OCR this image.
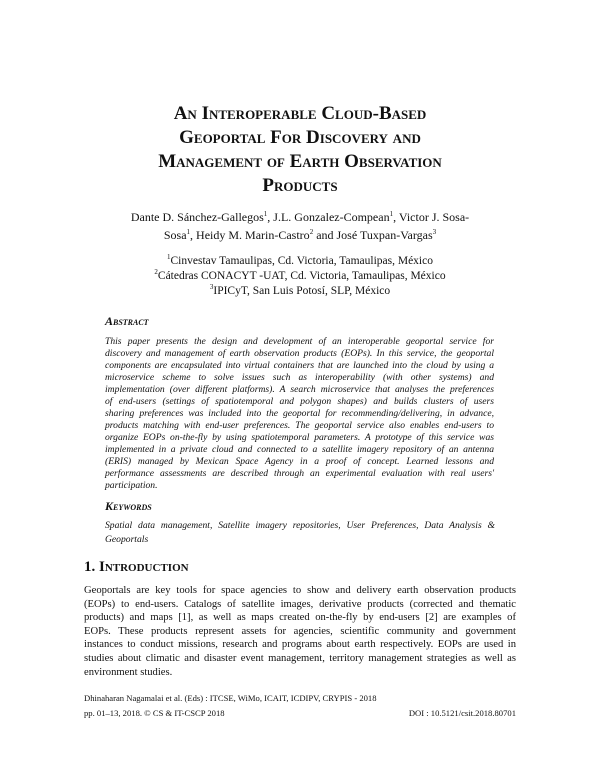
An Interoperable Cloud-Based
Geoportal For Discovery and
Management of Earth Observation
Products
Dante D. Sánchez-Gallegos$^1$, J.L. Gonzalez-Compean$^1$, Victor J. Sosa-
Sosa$^1$, Heidy M. Marin-Castro$^2$ and José Tuxpan-Vargas$^3$
$^1$Cinvestav Tamaulipas, Cd. Victoria, Tamaulipas, México
$^2$Cátedras CONACYT -UAT, Cd. Victoria, Tamaulipas, México
$^3$IPICyT, San Luis Potosí, SLP, México
Abstract
This paper presents the design and development of an interoperable geoportal service for
discovery and management of earth observation products (EOPs). In this service, the geoportal
components are encapsulated into virtual containers that are launched into the cloud by using a
microservice scheme to solve issues such as interoperability (with other systems) and
implementation (over different platforms). A search microservice that analyses the preferences
of end-users (settings of spatiotemporal and polygon shapes) and builds clusters of users
sharing preferences was included into the geoportal for recommending/delivering, in advance,
products matching with end-user preferences. The geoportal service also enables end-users to
organize EOPs on-the-fly by using spatiotemporal parameters. A prototype of this service was
implemented in a private cloud and connected to a satellite imagery repository of an antenna
(ERIS) managed by Mexican Space Agency in a proof of concept. Learned lessons and
performance assessments are described through an experimental evaluation with real users'
participation.
Keywords
Spatial data management, Satellite imagery repositories, User Preferences, Data Analysis &
Geoportals
1. Introduction
Geoportals are key tools for space agencies to show and delivery earth observation products
(EOPs) to end-users. Catalogs of satellite images, derivative products (corrected and thematic
products) and maps [1], as well as maps created on-the-fly by end-users [2] are examples of
EOPs. These products represent assets for agencies, scientific community and government
instances to conduct missions, research and programs about earth respectively. EOPs are used in
studies about climatic and disaster event management, territory management strategies as well as
environment studies.
Dhinaharan Nagamalai et al. (Eds) : ITCSE, WiMo, ICAIT, ICDIPV, CRYPIS - 2018
pp. 01–13, 2018. © CS & IT-CSCP 2018	DOI : 10.5121/csit.2018.80701
